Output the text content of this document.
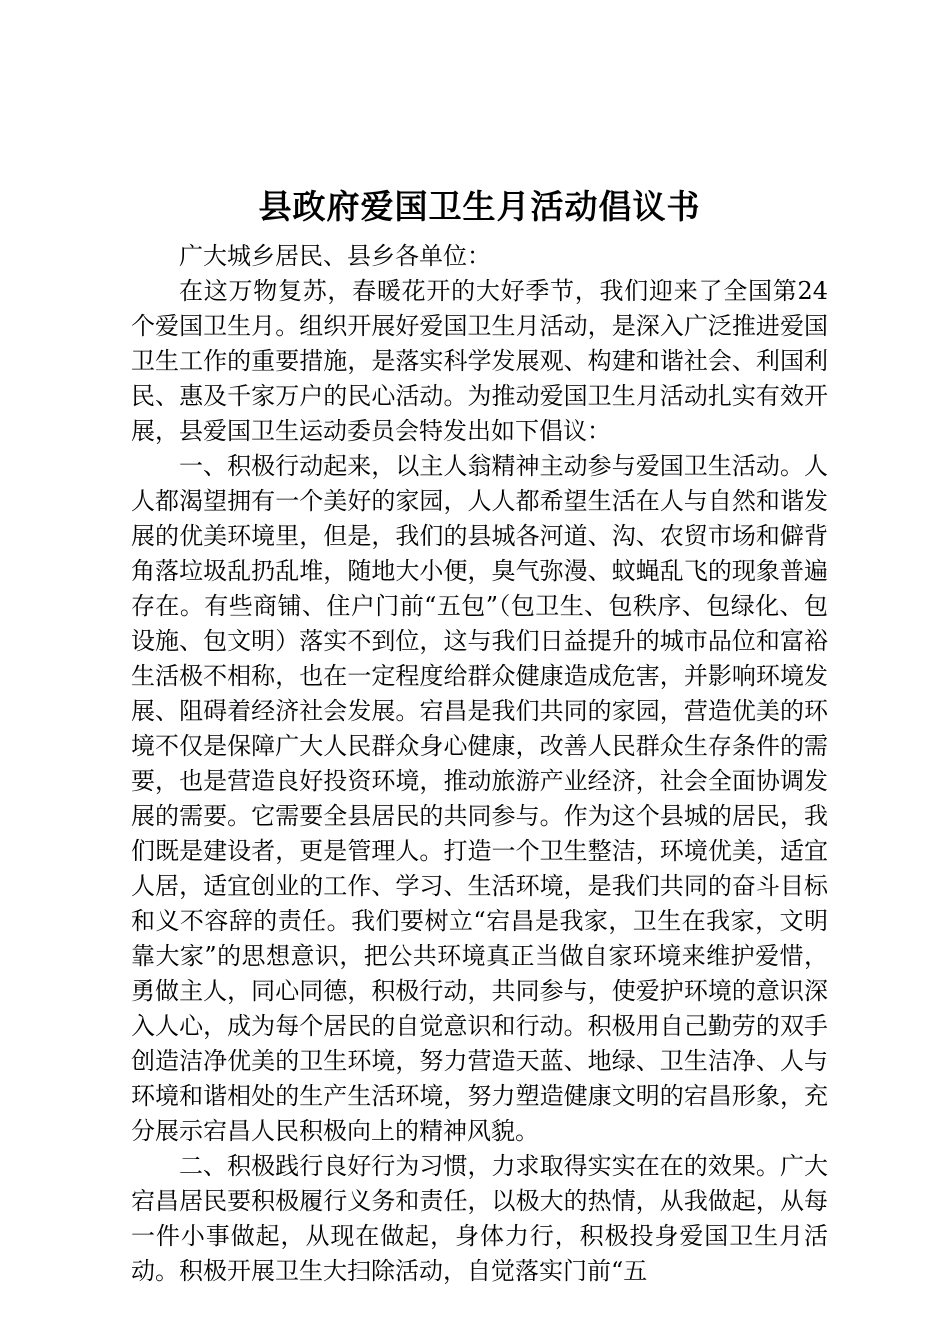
县政府爱国卫生月活动倡议书

广大城乡居民、县乡各单位：

在这万物复苏，春暖花开的大好季节，我们迎来了全国第24个爱国卫生月。组织开展好爱国卫生月活动，是深入广泛推进爱国卫生工作的重要措施，是落实科学发展观、构建和谐社会、利国利民、惠及千家万户的民心活动。为推动爱国卫生月活动扎实有效开展，县爱国卫生运动委员会特发出如下倡议：

一、积极行动起来，以主人翁精神主动参与爱国卫生活动。人人都渴望拥有一个美好的家园，人人都希望生活在人与自然和谐发展的优美环境里，但是，我们的县城各河道、沟、农贸市场和僻背角落垃圾乱扔乱堆，随地大小便，臭气弥漫、蚊蝇乱飞的现象普遍存在。有些商铺、住户门前“五包”（包卫生、包秩序、包绿化、包设施、包文明）落实不到位，这与我们日益提升的城市品位和富裕生活极不相称，也在一定程度给群众健康造成危害，并影响环境发展、阻碍着经济社会发展。宕昌是我们共同的家园，营造优美的环境不仅是保障广大人民群众身心健康，改善人民群众生存条件的需要，也是营造良好投资环境，推动旅游产业经济，社会全面协调发展的需要。它需要全县居民的共同参与。作为这个县城的居民，我们既是建设者，更是管理人。打造一个卫生整洁，环境优美，适宜人居，适宜创业的工作、学习、生活环境，是我们共同的奋斗目标和义不容辞的责任。我们要树立“宕昌是我家，卫生在我家，文明靠大家”的思想意识，把公共环境真正当做自家环境来维护爱惜，勇做主人，同心同德，积极行动，共同参与，使爱护环境的意识深入人心，成为每个居民的自觉意识和行动。积极用自己勤劳的双手创造洁净优美的卫生环境，努力营造天蓝、地绿、卫生洁净、人与环境和谐相处的生产生活环境，努力塑造健康文明的宕昌形象，充分展示宕昌人民积极向上的精神风貌。

二、积极践行良好行为习惯，力求取得实实在在的效果。广大宕昌居民要积极履行义务和责任，以极大的热情，从我做起，从每一件小事做起，从现在做起，身体力行，积极投身爱国卫生月活动。积极开展卫生大扫除活动，自觉落实门前“五
